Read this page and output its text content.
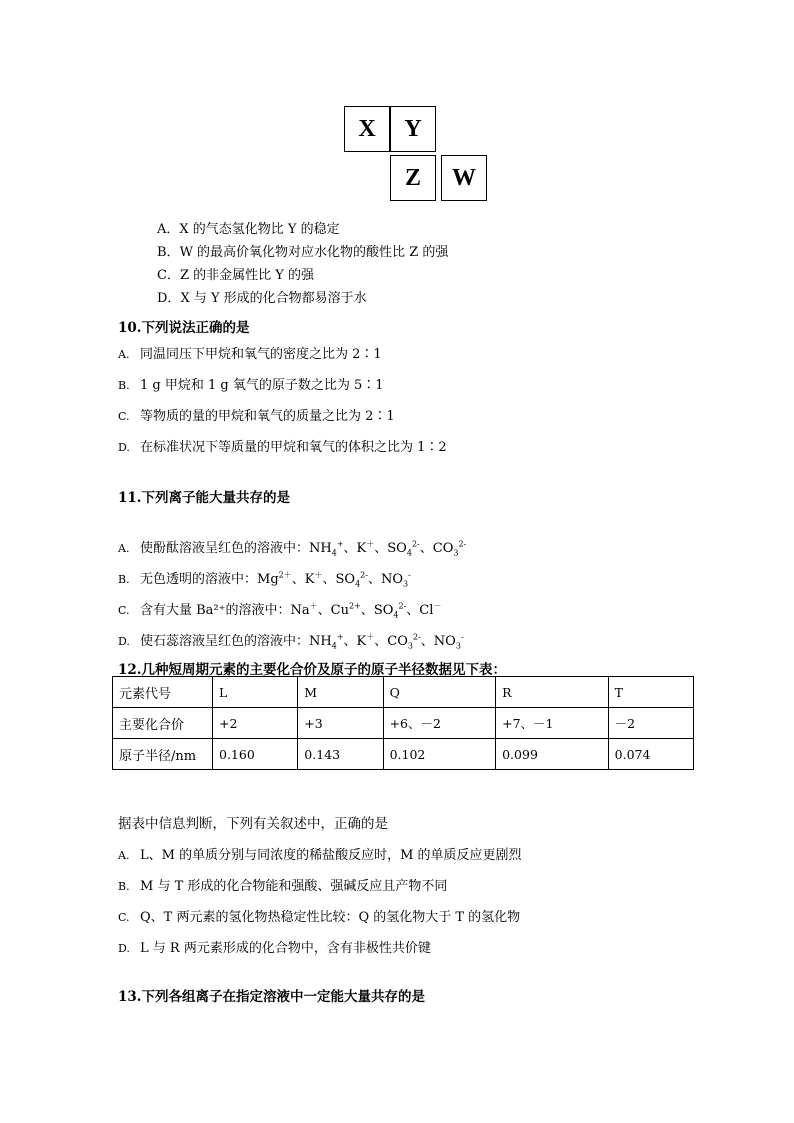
X	Y
Z	W
A．X 的气态氢化物比 Y 的稳定
B．W 的最高价氧化物对应水化物的酸性比 Z 的强
C．Z 的非金属性比 Y 的强
D．X 与 Y 形成的化合物都易溶于水
10.下列说法正确的是
A. 同温同压下甲烷和氧气的密度之比为 2∶1
B. 1 g 甲烷和 1 g 氧气的原子数之比为 5∶1
C. 等物质的量的甲烷和氧气的质量之比为 2∶1
D. 在标准状况下等质量的甲烷和氧气的体积之比为 1∶2
11.下列离子能大量共存的是
A. 使酚酞溶液呈红色的溶液中：$NH_4^+$、K＋、$SO_4^{2-}$、$CO_3^{2-}$
B. 无色透明的溶液中：$Mg^{2+}$、K＋、$SO_4^{2-}$、$NO_3^-$
C. 含有大量 Ba²⁺的溶液中：Na＋、$Cu^{2+}$、$SO_4^{2-}$、Cl－
D. 使石蕊溶液呈红色的溶液中：$NH_4^+$、K＋、$CO_3^{2-}$、$NO_3^-$
12.几种短周期元素的主要化合价及原子的原子半径数据见下表：
元素代号	L	M	Q	R	T
主要化合价	+2	+3	+6、－2	+7、－1	－2
原子半径/nm	0.160	0.143	0.102	0.099	0.074
据表中信息判断，下列有关叙述中，正确的是
A. L、M 的单质分别与同浓度的稀盐酸反应时，M 的单质反应更剧烈
B. M 与 T 形成的化合物能和强酸、强碱反应且产物不同
C. Q、T 两元素的氢化物热稳定性比较：Q 的氢化物大于 T 的氢化物
D. L 与 R 两元素形成的化合物中，含有非极性共价键
13.下列各组离子在指定溶液中一定能大量共存的是
